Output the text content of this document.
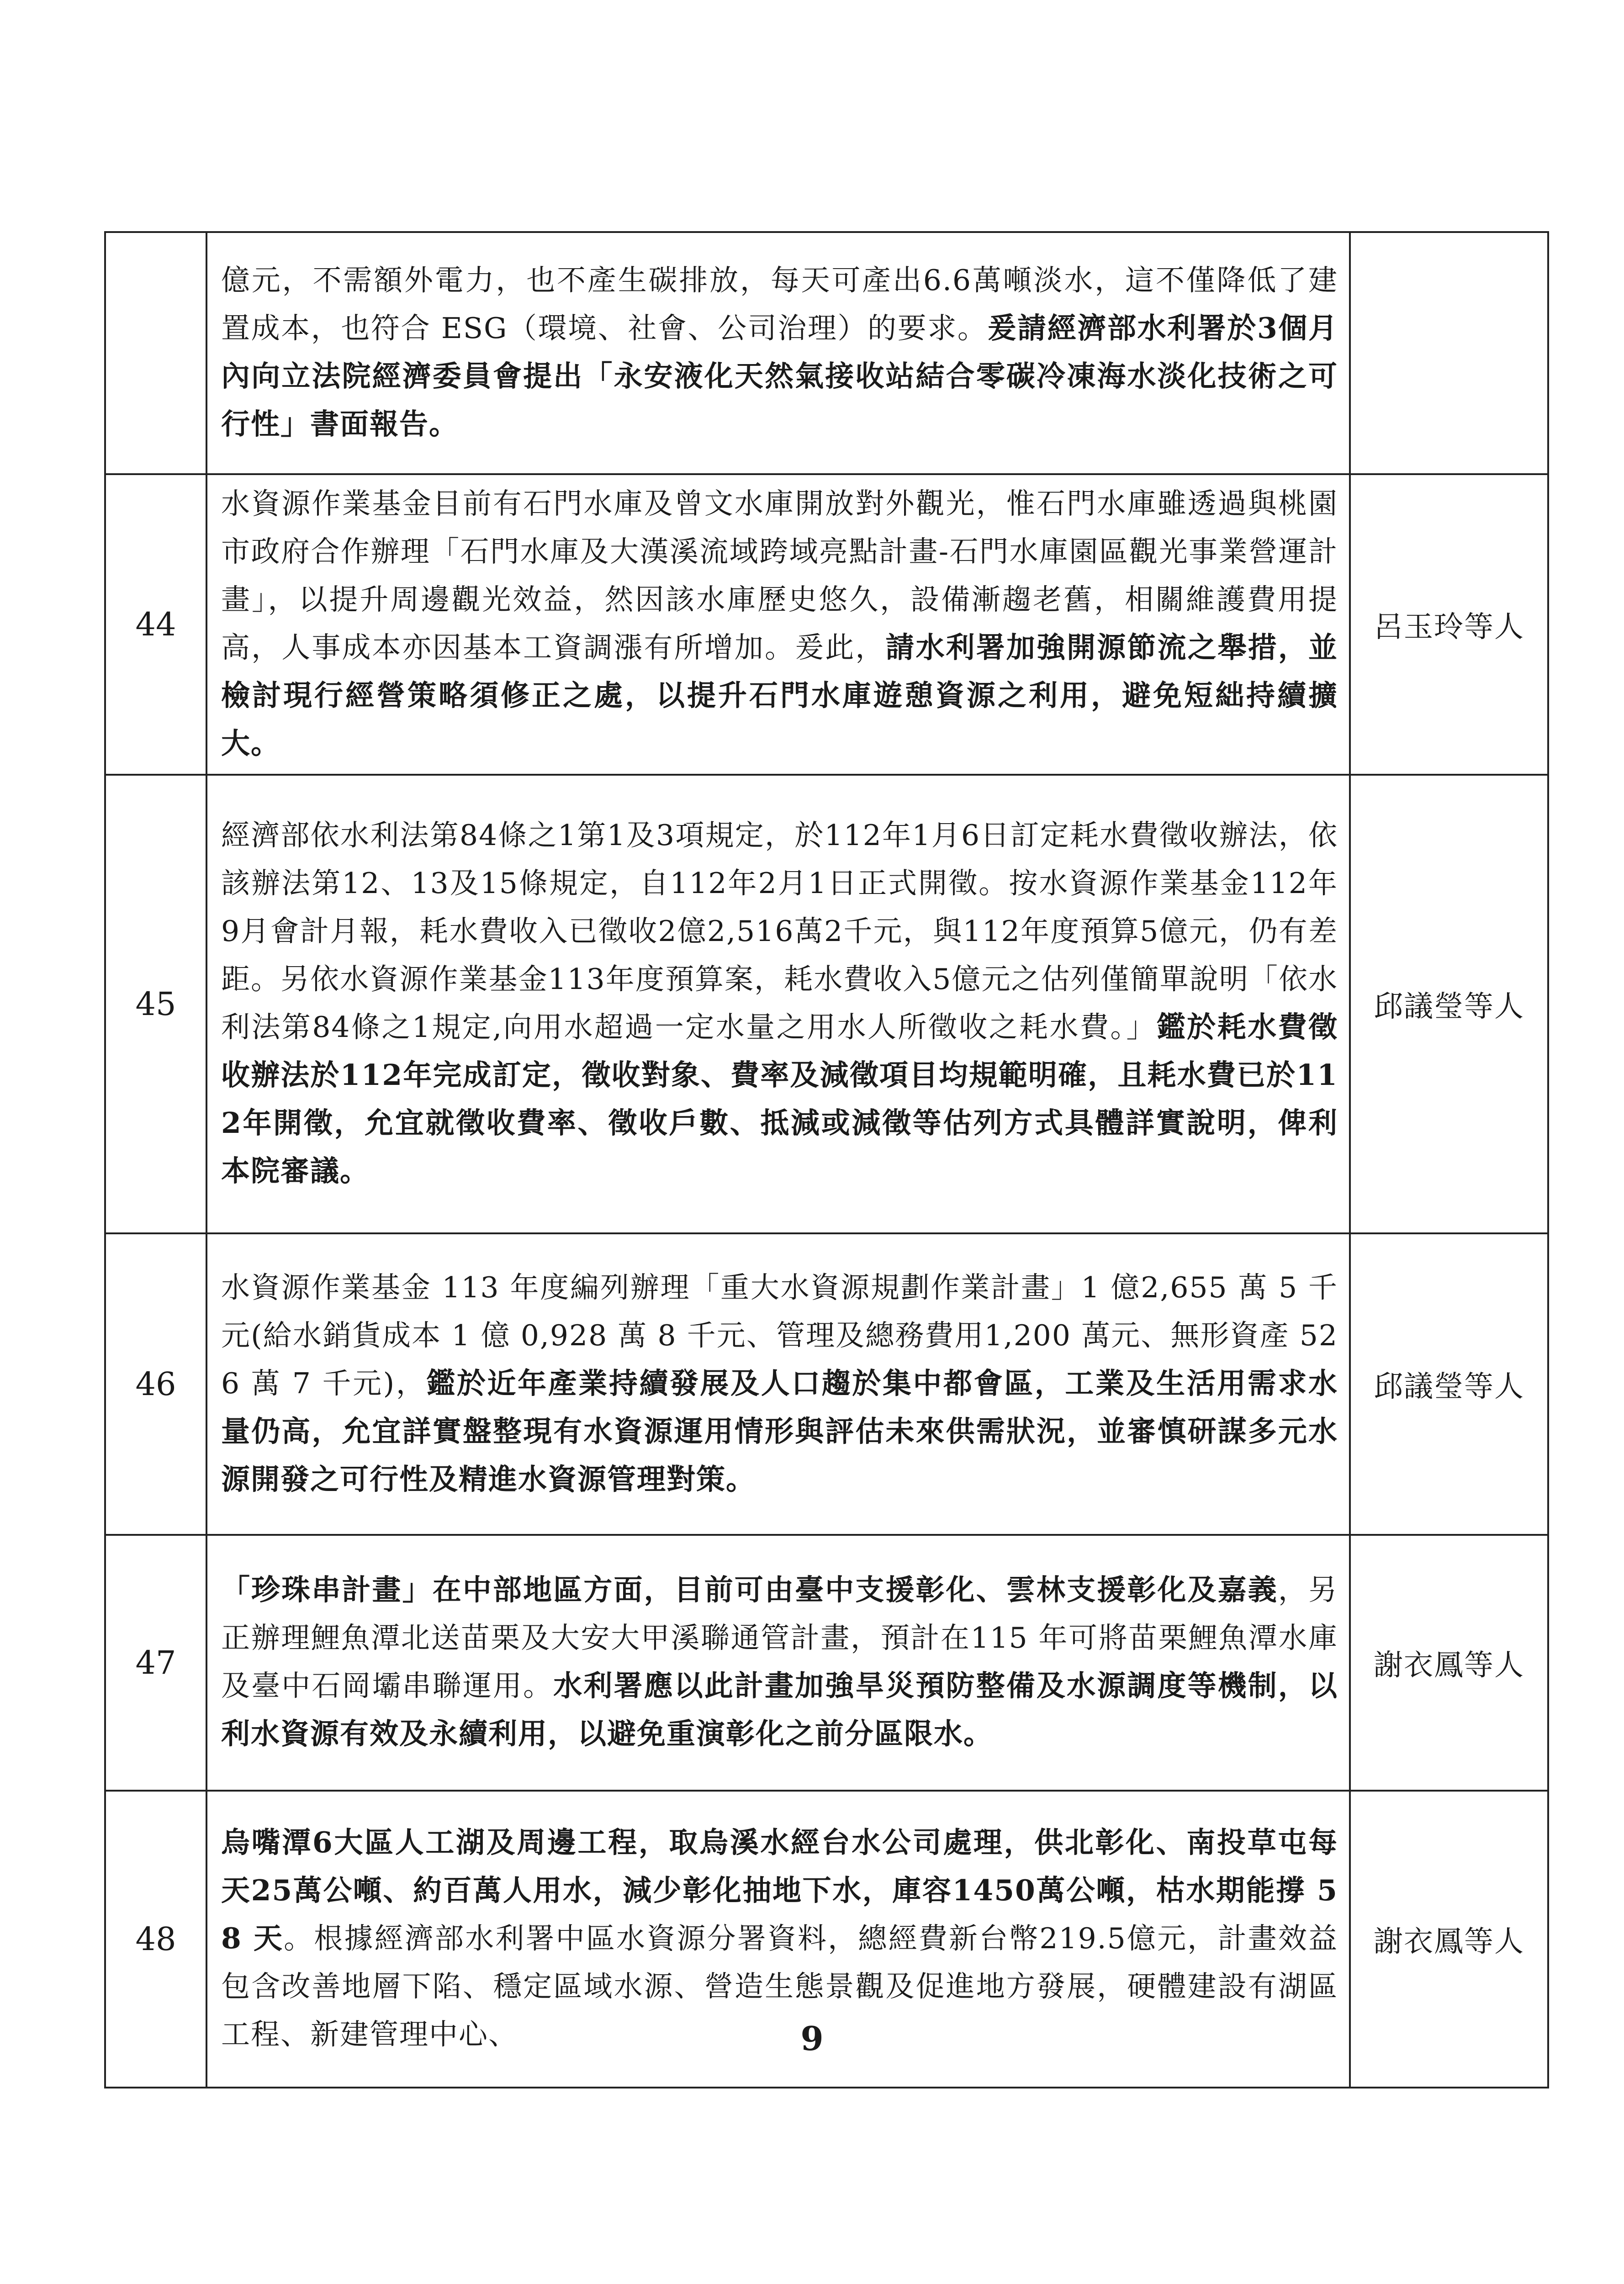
	億元，不需額外電力，也不產生碳排放，每天可產出6.6萬噸淡水，這不僅降低了建置成本，也符合 ESG（環境、社會、公司治理）的要求。爰請經濟部水利署於3個月內向立法院經濟委員會提出「永安液化天然氣接收站結合零碳冷凍海水淡化技術之可行性」書面報告。	
44	水資源作業基金目前有石門水庫及曾文水庫開放對外觀光，惟石門水庫雖透過與桃園市政府合作辦理「石門水庫及大漢溪流域跨域亮點計畫-石門水庫園區觀光事業營運計畫」，以提升周邊觀光效益，然因該水庫歷史悠久，設備漸趨老舊，相關維護費用提高，人事成本亦因基本工資調漲有所增加。爰此，請水利署加強開源節流之舉措，並檢討現行經營策略須修正之處，以提升石門水庫遊憩資源之利用，避免短絀持續擴大。	呂玉玲等人
45	經濟部依水利法第84條之1第1及3項規定，於112年1月6日訂定耗水費徵收辦法，依該辦法第12、13及15條規定，自112年2月1日正式開徵。按水資源作業基金112年9月會計月報，耗水費收入已徵收2億2,516萬2千元，與112年度預算5億元，仍有差距。另依水資源作業基金113年度預算案，耗水費收入5億元之估列僅簡單說明「依水利法第84條之1規定,向用水超過一定水量之用水人所徵收之耗水費。」鑑於耗水費徵收辦法於112年完成訂定，徵收對象、費率及減徵項目均規範明確，且耗水費已於112年開徵，允宜就徵收費率、徵收戶數、抵減或減徵等估列方式具體詳實說明，俾利本院審議。	邱議瑩等人
46	水資源作業基金 113 年度編列辦理「重大水資源規劃作業計畫」1 億2,655 萬 5 千元(給水銷貨成本 1 億 0,928 萬 8 千元、管理及總務費用1,200 萬元、無形資產 526 萬 7 千元)，鑑於近年產業持續發展及人口趨於集中都會區，工業及生活用需求水量仍高，允宜詳實盤整現有水資源運用情形與評估未來供需狀況，並審慎研謀多元水源開發之可行性及精進水資源管理對策。	邱議瑩等人
47	「珍珠串計畫」在中部地區方面，目前可由臺中支援彰化、雲林支援彰化及嘉義，另正辦理鯉魚潭北送苗栗及大安大甲溪聯通管計畫，預計在115 年可將苗栗鯉魚潭水庫及臺中石岡壩串聯運用。水利署應以此計畫加強旱災預防整備及水源調度等機制，以利水資源有效及永續利用，以避免重演彰化之前分區限水。	謝衣鳳等人
48	烏嘴潭6大區人工湖及周邊工程，取烏溪水經台水公司處理，供北彰化、南投草屯每天25萬公噸、約百萬人用水，減少彰化抽地下水，庫容1450萬公噸，枯水期能撐 58 天。根據經濟部水利署中區水資源分署資料，總經費新台幣219.5億元，計畫效益包含改善地層下陷、穩定區域水源、營造生態景觀及促進地方發展，硬體建設有湖區工程、新建管理中心、	謝衣鳳等人
9
